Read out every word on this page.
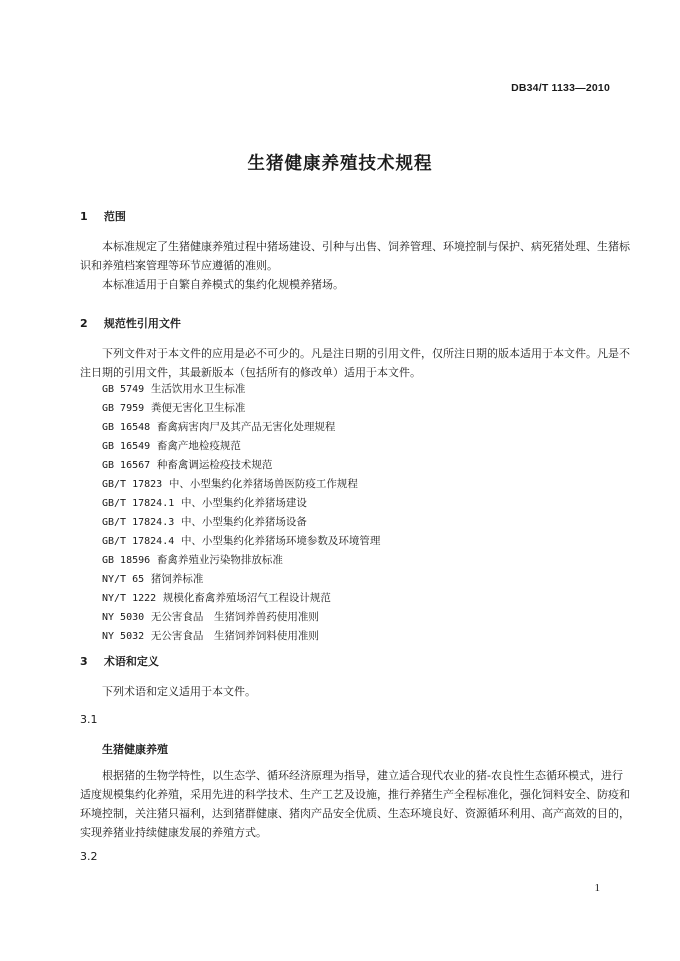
DB34/T 1133—2010
生猪健康养殖技术规程
1 范围

本标准规定了生猪健康养殖过程中猪场建设、引种与出售、饲养管理、环境控制与保护、病死猪处理、生猪标识和养殖档案管理等环节应遵循的准则。

本标准适用于自繁自养模式的集约化规模养猪场。

2 规范性引用文件

下列文件对于本文件的应用是必不可少的。凡是注日期的引用文件，仅所注日期的版本适用于本文件。凡是不注日期的引用文件，其最新版本（包括所有的修改单）适用于本文件。

GB 5749 生活饮用水卫生标准
GB 7959 粪便无害化卫生标准
GB 16548 畜禽病害肉尸及其产品无害化处理规程
GB 16549 畜禽产地检疫规范
GB 16567 种畜禽调运检疫技术规范
GB/T 17823 中、小型集约化养猪场兽医防疫工作规程
GB/T 17824.1 中、小型集约化养猪场建设
GB/T 17824.3 中、小型集约化养猪场设备
GB/T 17824.4 中、小型集约化养猪场环境参数及环境管理
GB 18596 畜禽养殖业污染物排放标准
NY/T 65 猪饲养标准
NY/T 1222 规模化畜禽养殖场沼气工程设计规范
NY 5030 无公害食品　生猪饲养兽药使用准则
NY 5032 无公害食品　生猪饲养饲料使用准则
3 术语和定义

下列术语和定义适用于本文件。

3.1
生猪健康养殖

根据猪的生物学特性，以生态学、循环经济原理为指导，建立适合现代农业的猪-农良性生态循环模式，进行适度规模集约化养殖，采用先进的科学技术、生产工艺及设施，推行养猪生产全程标准化，强化饲料安全、防疫和环境控制，关注猪只福利，达到猪群健康、猪肉产品安全优质、生态环境良好、资源循环利用、高产高效的目的，实现养猪业持续健康发展的养殖方式。

3.2
1
